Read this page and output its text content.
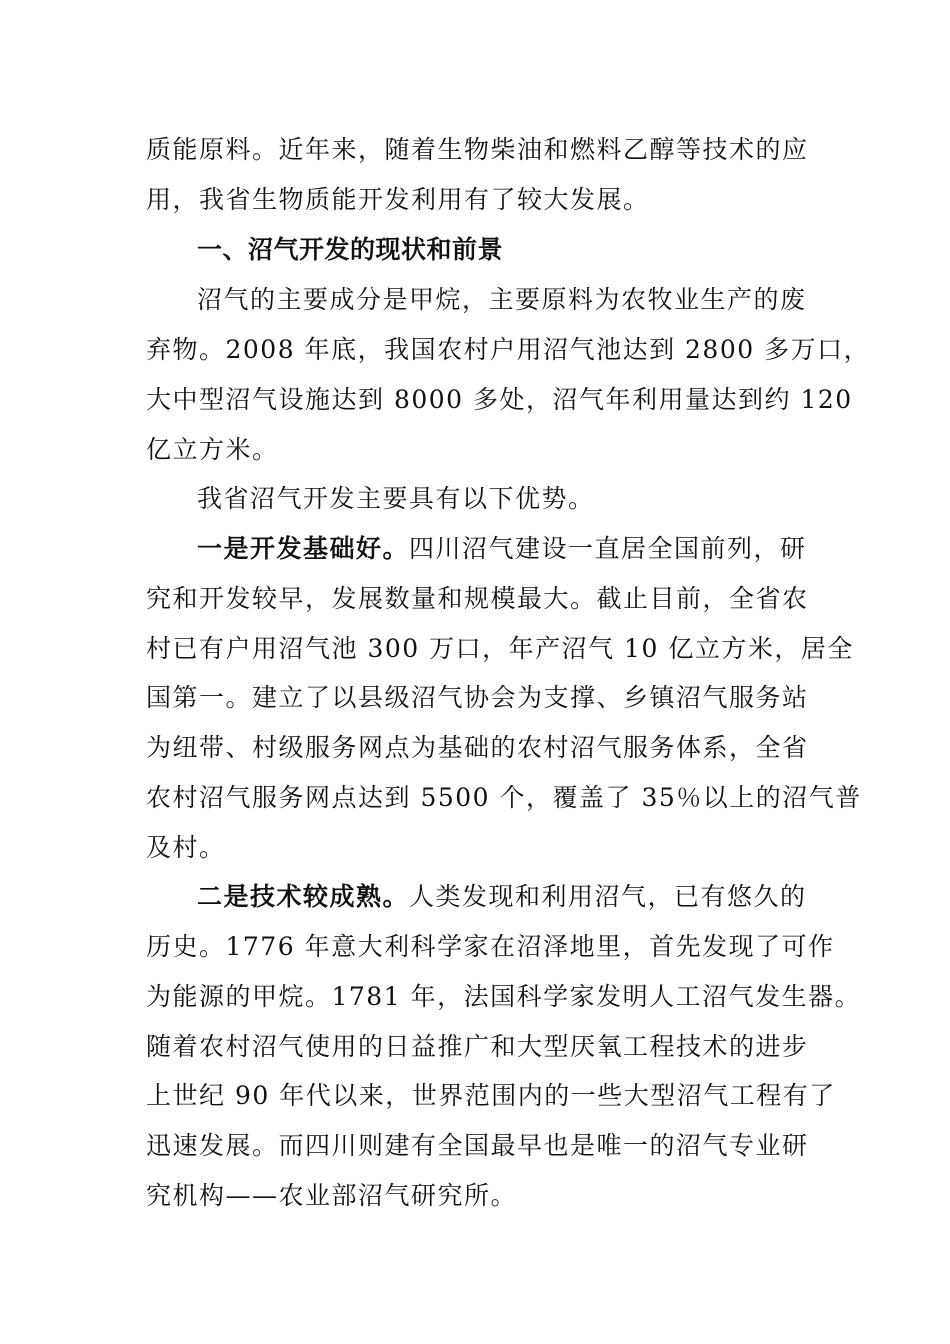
质能原料。近年来，随着生物柴油和燃料乙醇等技术的应
用，我省生物质能开发利用有了较大发展。
一、沼气开发的现状和前景
沼气的主要成分是甲烷，主要原料为农牧业生产的废
弃物。2008 年底，我国农村户用沼气池达到 2800 多万口，
大中型沼气设施达到 8000 多处，沼气年利用量达到约 120
亿立方米。
我省沼气开发主要具有以下优势。
一是开发基础好。四川沼气建设一直居全国前列，研
究和开发较早，发展数量和规模最大。截止目前，全省农
村已有户用沼气池 300 万口，年产沼气 10 亿立方米，居全
国第一。建立了以县级沼气协会为支撑、乡镇沼气服务站
为纽带、村级服务网点为基础的农村沼气服务体系，全省
农村沼气服务网点达到 5500 个，覆盖了 35％以上的沼气普
及村。
二是技术较成熟。人类发现和利用沼气，已有悠久的
历史。1776 年意大利科学家在沼泽地里，首先发现了可作
为能源的甲烷。1781 年，法国科学家发明人工沼气发生器。
随着农村沼气使用的日益推广和大型厌氧工程技术的进步
上世纪 90 年代以来，世界范围内的一些大型沼气工程有了
迅速发展。而四川则建有全国最早也是唯一的沼气专业研
究机构——农业部沼气研究所。
